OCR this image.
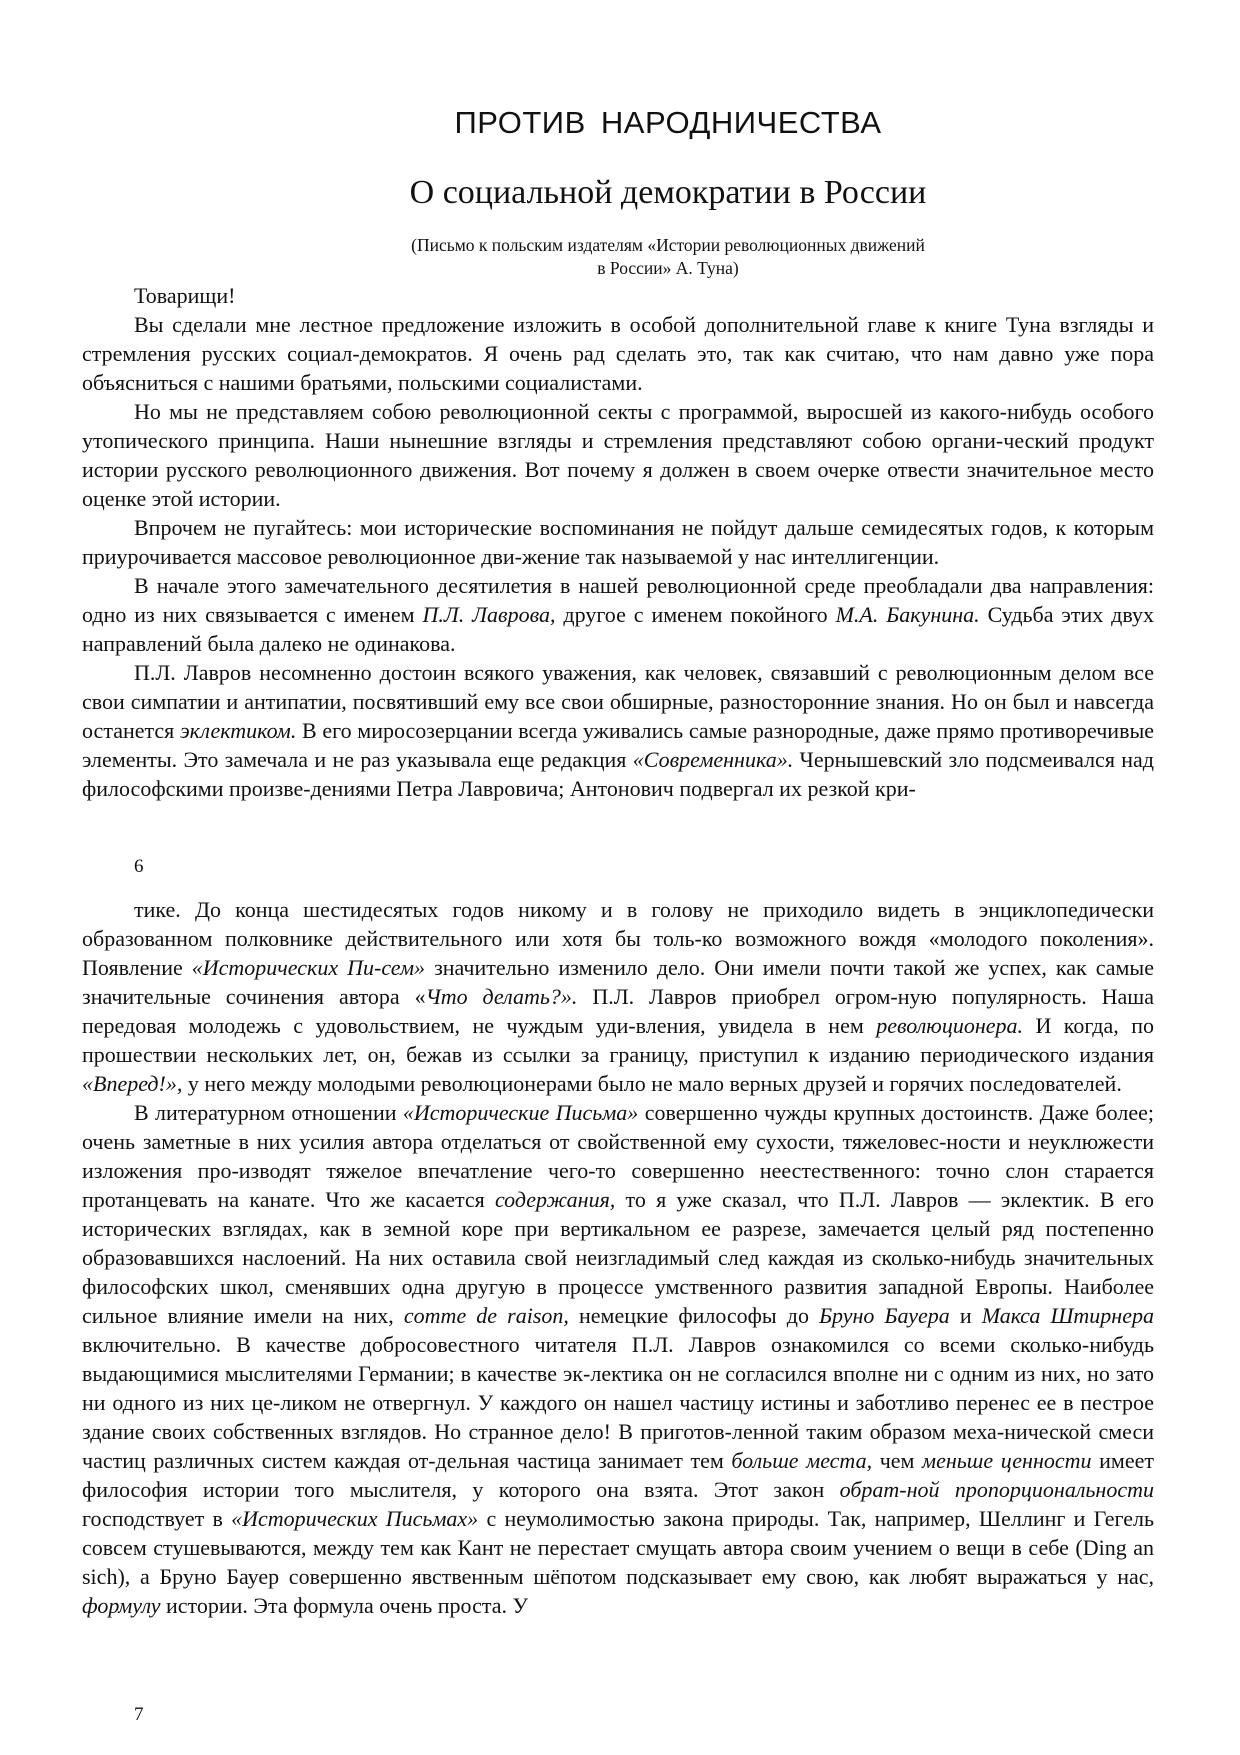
ПРОТИВ НАРОДНИЧЕСТВА
О социальной демократии в России
(Письмо к польским издателям «Истории революционных движений
в России» А. Туна)

Товарищи!

Вы сделали мне лестное предложение изложить в особой дополнительной главе к книге Туна взгляды и стремления русских социал-демократов. Я очень рад сделать это, так как считаю, что нам давно уже пора объясниться с нашими братьями, польскими социалистами.

Но мы не представляем собою революционной секты с программой, выросшей из какого-нибудь особого утопического принципа. Наши нынешние взгляды и стремления представляют собою органи-ческий продукт истории русского революционного движения. Вот почему я должен в своем очерке отвести значительное место оценке этой истории.

Впрочем не пугайтесь: мои исторические воспоминания не пойдут дальше семидесятых годов, к которым приурочивается массовое революционное дви-жение так называемой у нас интеллигенции.

В начале этого замечательного десятилетия в нашей революционной среде преобладали два направления: одно из них связывается с именем П.Л. Лаврова, другое с именем покойного М.А. Бакунина. Судьба этих двух направлений была далеко не одинакова.

П.Л. Лавров несомненно достоин всякого уважения, как человек, связавший с революционным делом все свои симпатии и антипатии, посвятивший ему все свои обширные, разносторонние знания. Но он был и навсегда останется эклектиком. В его миросозерцании всегда уживались самые разнородные, даже прямо противоречивые элементы. Это замечала и не раз указывала еще редакция «Современника». Чернышевский зло подсмеивался над философскими произве-дениями Петра Лавровича; Антонович подвергал их резкой кри-

6

тике. До конца шестидесятых годов никому и в голову не приходило видеть в энциклопедически образованном полковнике действительного или хотя бы толь-ко возможного вождя «молодого поколения». Появление «Исторических Пи-сем» значительно изменило дело. Они имели почти такой же успех, как самые значительные сочинения автора «Что делать?». П.Л. Лавров приобрел огром-ную популярность. Наша передовая молодежь с удовольствием, не чуждым уди-вления, увидела в нем революционера. И когда, по прошествии нескольких лет, он, бежав из ссылки за границу, приступил к изданию периодического издания «Вперед!», у него между молодыми революционерами было не мало верных друзей и горячих последователей.

В литературном отношении «Исторические Письма» совершенно чужды крупных достоинств. Даже более; очень заметные в них усилия автора отделаться от свойственной ему сухости, тяжеловес-ности и неуклюжести изложения про-изводят тяжелое впечатление чего-то совершенно неестественного: точно слон старается протанцевать на канате. Что же касается содержания, то я уже сказал, что П.Л. Лавров — эклектик. В его исторических взглядах, как в земной коре при вертикальном ее разрезе, замечается целый ряд постепенно образовавшихся наслоений. На них оставила свой неизгладимый след каждая из сколько-нибудь значительных философских школ, сменявших одна другую в процессе умственного развития западной Европы. Наиболее сильное влияние имели на них, comme de raison, немецкие философы до Бруно Бауера и Макса Штирнера включительно. В качестве добросовестного читателя П.Л. Лавров ознакомился со всеми сколько-нибудь выдающимися мыслителями Германии; в качестве эк-лектика он не согласился вполне ни с одним из них, но зато ни одного из них це-ликом не отвергнул. У каждого он нашел частицу истины и заботливо перенес ее в пестрое здание своих собственных взглядов. Но странное дело! В приготов-ленной таким образом меха-нической смеси частиц различных систем каждая от-дельная частица занимает тем больше места, чем меньше ценности имеет философия истории того мыслителя, у которого она взята. Этот закон обрат-ной пропорциональности господствует в «Исторических Письмах» с неумолимостью закона природы. Так, например, Шеллинг и Гегель совсем стушевываются, между тем как Кант не перестает смущать автора своим учением о вещи в себе (Ding an sich), а Бруно Бауер совершенно явственным шёпотом подсказывает ему свою, как любят выражаться у нас, формулу истории. Эта формула очень проста. У

7
